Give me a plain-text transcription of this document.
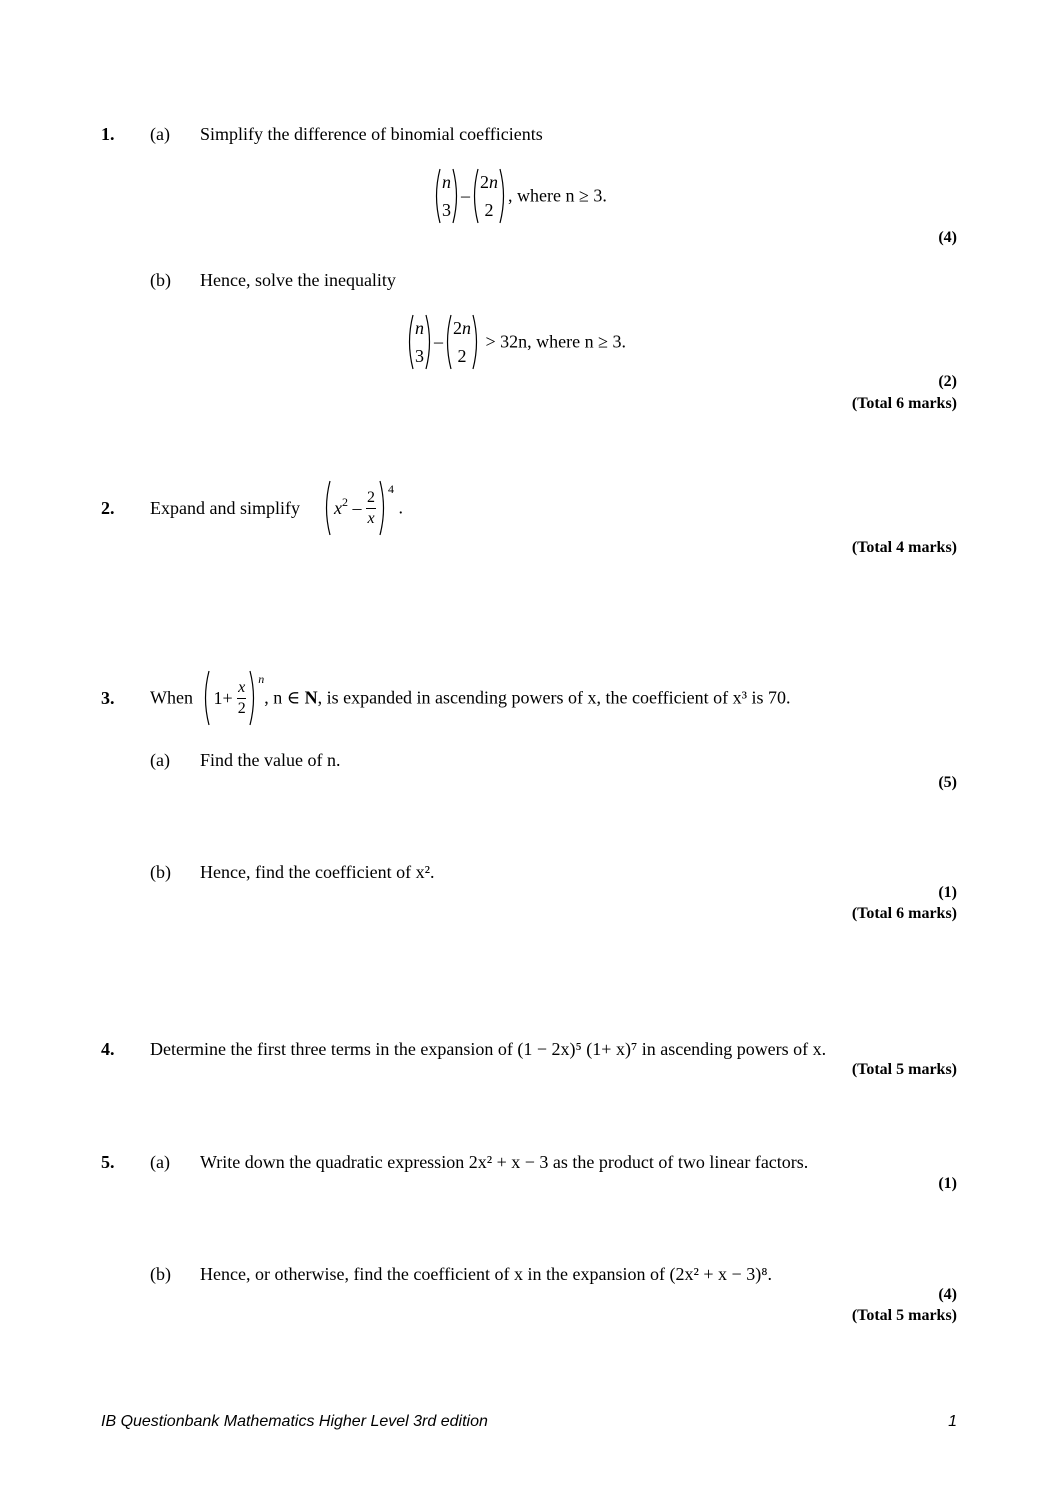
1. (a) Simplify the difference of binomial coefficients
n
3
–
2n
2
, where n ≥ 3.
(4)
(b) Hence, solve the inequality
n
3
–
2n
2
> 32n, where n ≥ 3.
(2)
(Total 6 marks)
2. Expand and simplify	$x^2 - \frac{2}{x} ^4$ .
(Total 4 marks)
3. When $1+ \frac{x}{2} ^n$, n ∈ N, is expanded in ascending powers of x, the coefficient of x³ is 70.
(a) Find the value of n.
(5)
(b) Hence, find the coefficient of x².
(1)
(Total 6 marks)
4. Determine the first three terms in the expansion of (1 − 2x)⁵ (1+ x)⁷ in ascending powers of x.
(Total 5 marks)
5. (a) Write down the quadratic expression 2x² + x − 3 as the product of two linear factors.
(1)
(b) Hence, or otherwise, find the coefficient of x in the expansion of (2x² + x − 3)⁸.
(4)
(Total 5 marks)
IB Questionbank Mathematics Higher Level 3rd edition	1
